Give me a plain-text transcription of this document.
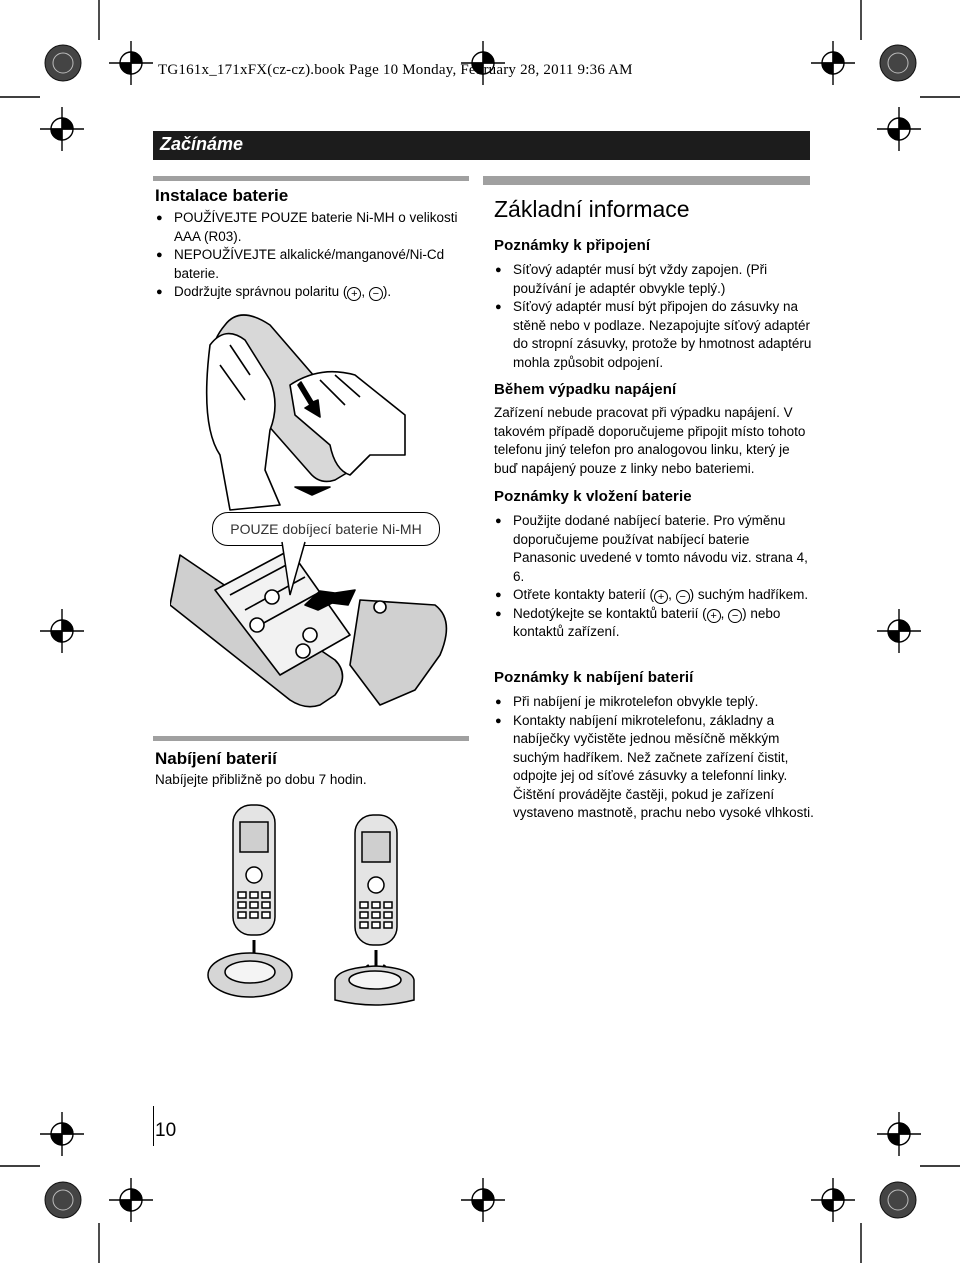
TG161x_171xFX(cz-cz).book Page 10 Monday, February 28, 2011 9:36 AM
Začínáme
Instalace baterie
● POUŽÍVEJTE POUZE baterie Ni-MH o velikosti AAA (R03).
● NEPOUŽÍVEJTE alkalické/manganové/Ni-Cd baterie.
● Dodržujte správnou polaritu ( + , − ).
POUZE dobíjecí baterie Ni-MH
Nabíjení baterií
Nabíjejte přibližně po dobu 7 hodin.
Základní informace
Poznámky k připojení
● Síťový adaptér musí být vždy zapojen. (Při používání je adaptér obvykle teplý.)
● Síťový adaptér musí být připojen do zásuvky na stěně nebo v podlaze. Nezapojujte síťový adaptér do stropní zásuvky, protože by hmotnost adaptéru mohla způsobit odpojení.
Během výpadku napájení
Zařízení nebude pracovat při výpadku napájení. V takovém případě doporučujeme připojit místo tohoto telefonu jiný telefon pro analogovou linku, který je buď napájený pouze z linky nebo bateriemi.
Poznámky k vložení baterie
● Použijte dodané nabíjecí baterie. Pro výměnu doporučujeme používat nabíjecí baterie Panasonic uvedené v tomto návodu viz. strana 4, 6.
● Otřete kontakty baterií ( + , − ) suchým hadříkem.
● Nedotýkejte se kontaktů baterií ( + , − ) nebo kontaktů zařízení.
Poznámky k nabíjení baterií
● Při nabíjení je mikrotelefon obvykle teplý.
● Kontakty nabíjení mikrotelefonu, základny a nabíječky vyčistěte jednou měsíčně měkkým suchým hadříkem. Než začnete zařízení čistit, odpojte jej od síťové zásuvky a telefonní linky. Čištění provádějte častěji, pokud je zařízení vystaveno mastnotě, prachu nebo vysoké vlhkosti.
10
